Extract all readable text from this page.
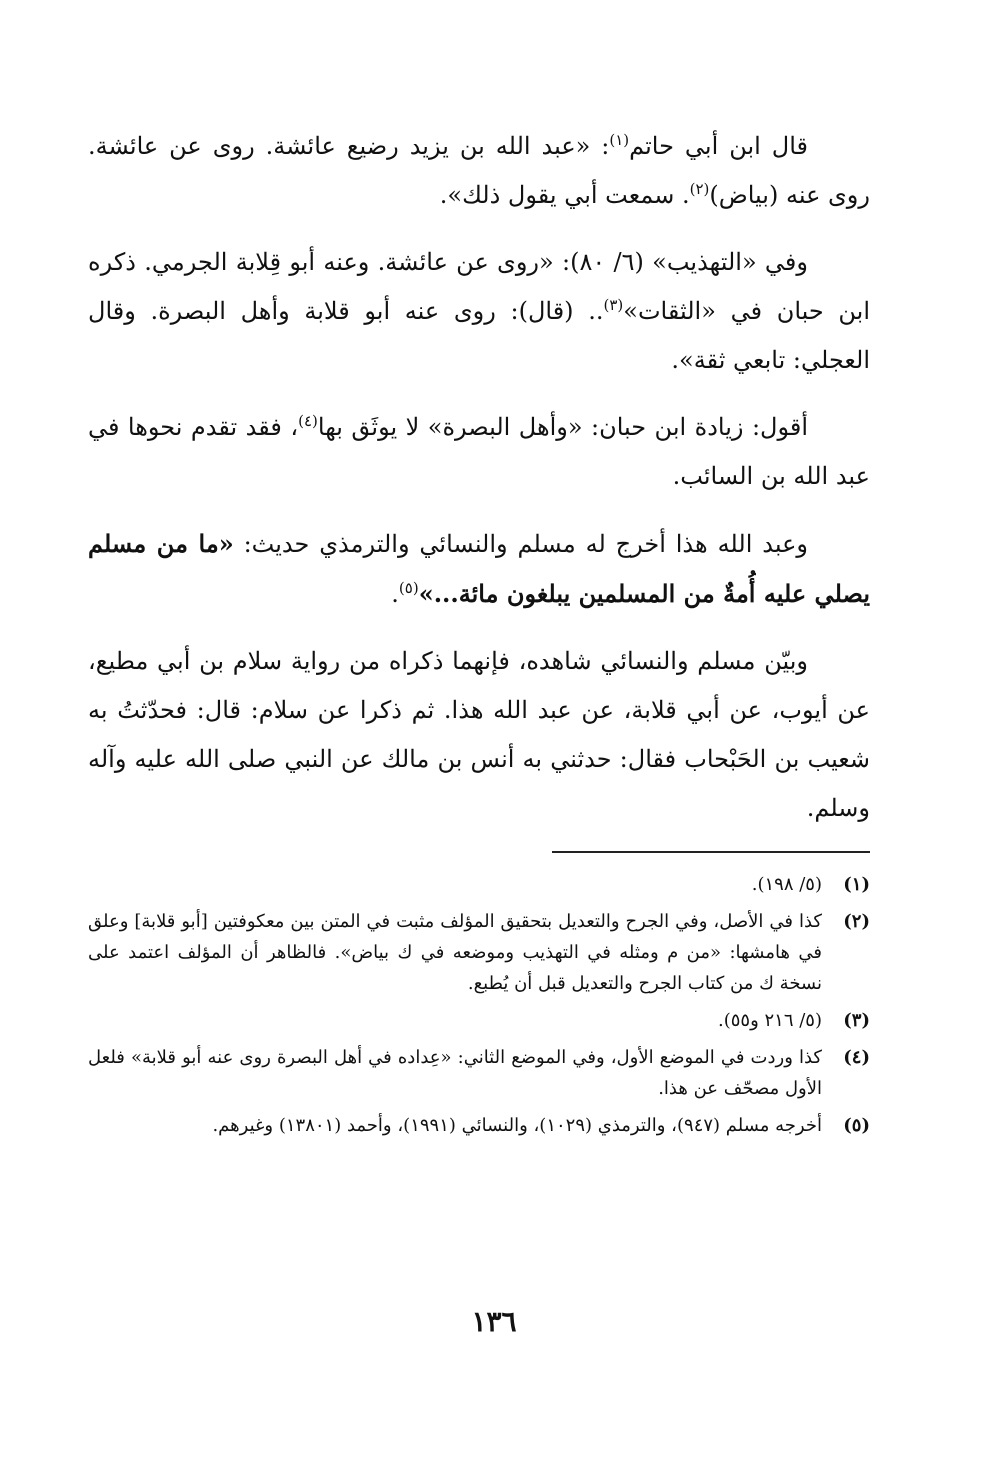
قال ابن أبي حاتم$^{(١)}$: «عبد الله بن يزيد رضيع عائشة. روى عن عائشة. روى عنه (بياض)$^{(٢)}$. سمعت أبي يقول ذلك».

وفي «التهذيب» (٦/ ٨٠): «روى عن عائشة. وعنه أبو قِلابة الجرمي. ذكره ابن حبان في «الثقات»$^{(٣)}$.. (قال): روى عنه أبو قلابة وأهل البصرة. وقال العجلي: تابعي ثقة».

أقول: زيادة ابن حبان: «وأهل البصرة» لا يوثَق بها$^{(٤)}$، فقد تقدم نحوها في عبد الله بن السائب.

وعبد الله هذا أخرج له مسلم والنسائي والترمذي حديث: «ما من مسلم يصلي عليه أُمةٌ من المسلمين يبلغون مائة...»$^{(٥)}$.

وبيّن مسلم والنسائي شاهده، فإنهما ذكراه من رواية سلام بن أبي مطيع، عن أيوب، عن أبي قلابة، عن عبد الله هذا. ثم ذكرا عن سلام: قال: فحدّثتُ به شعيب بن الحَبْحاب فقال: حدثني به أنس بن مالك عن النبي صلى الله عليه وآله وسلم.

(١)
(٥/ ١٩٨).
(٢)
كذا في الأصل، وفي الجرح والتعديل بتحقيق المؤلف مثبت في المتن بين معكوفتين [أبو قلابة] وعلق في هامشها: «من م ومثله في التهذيب وموضعه في ك بياض». فالظاهر أن المؤلف اعتمد على نسخة ك من كتاب الجرح والتعديل قبل أن يُطبع.
(٣)
(٥/ ٢١٦ و٥٥).
(٤)
كذا وردت في الموضع الأول، وفي الموضع الثاني: «عِداده في أهل البصرة روى عنه أبو قلابة» فلعل الأول مصحّف عن هذا.
(٥)
أخرجه مسلم (٩٤٧)، والترمذي (١٠٢٩)، والنسائي (١٩٩١)، وأحمد (١٣٨٠١) وغيرهم.
١٣٦
